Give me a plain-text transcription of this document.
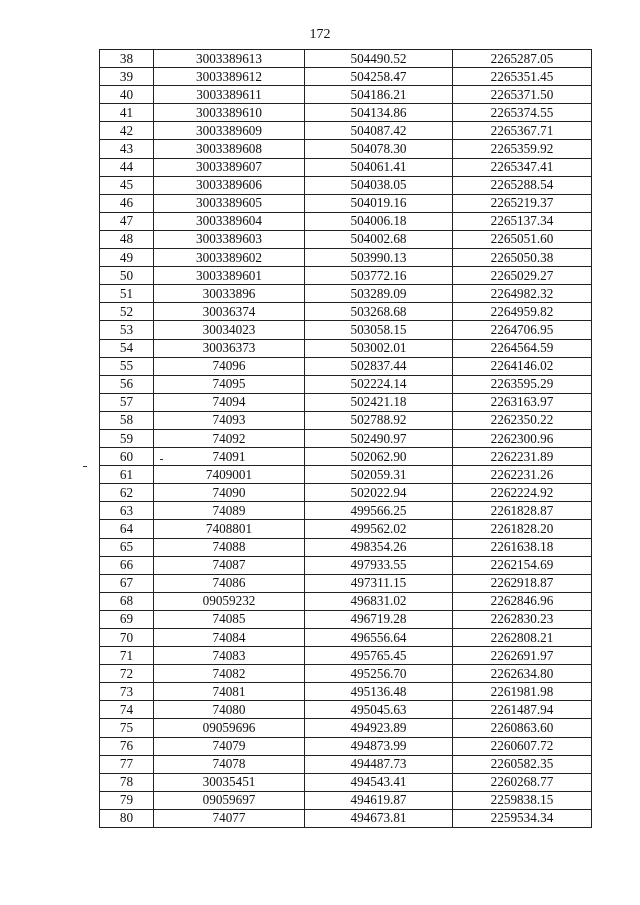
172
38	3003389613	504490.52	2265287.05
39	3003389612	504258.47	2265351.45
40	3003389611	504186.21	2265371.50
41	3003389610	504134.86	2265374.55
42	3003389609	504087.42	2265367.71
43	3003389608	504078.30	2265359.92
44	3003389607	504061.41	2265347.41
45	3003389606	504038.05	2265288.54
46	3003389605	504019.16	2265219.37
47	3003389604	504006.18	2265137.34
48	3003389603	504002.68	2265051.60
49	3003389602	503990.13	2265050.38
50	3003389601	503772.16	2265029.27
51	30033896	503289.09	2264982.32
52	30036374	503268.68	2264959.82
53	30034023	503058.15	2264706.95
54	30036373	503002.01	2264564.59
55	74096	502837.44	2264146.02
56	74095	502224.14	2263595.29
57	74094	502421.18	2263163.97
58	74093	502788.92	2262350.22
59	74092	502490.97	2262300.96
60	74091	502062.90	2262231.89
61	7409001	502059.31	2262231.26
62	74090	502022.94	2262224.92
63	74089	499566.25	2261828.87
64	7408801	499562.02	2261828.20
65	74088	498354.26	2261638.18
66	74087	497933.55	2262154.69
67	74086	497311.15	2262918.87
68	09059232	496831.02	2262846.96
69	74085	496719.28	2262830.23
70	74084	496556.64	2262808.21
71	74083	495765.45	2262691.97
72	74082	495256.70	2262634.80
73	74081	495136.48	2261981.98
74	74080	495045.63	2261487.94
75	09059696	494923.89	2260863.60
76	74079	494873.99	2260607.72
77	74078	494487.73	2260582.35
78	30035451	494543.41	2260268.77
79	09059697	494619.87	2259838.15
80	74077	494673.81	2259534.34
